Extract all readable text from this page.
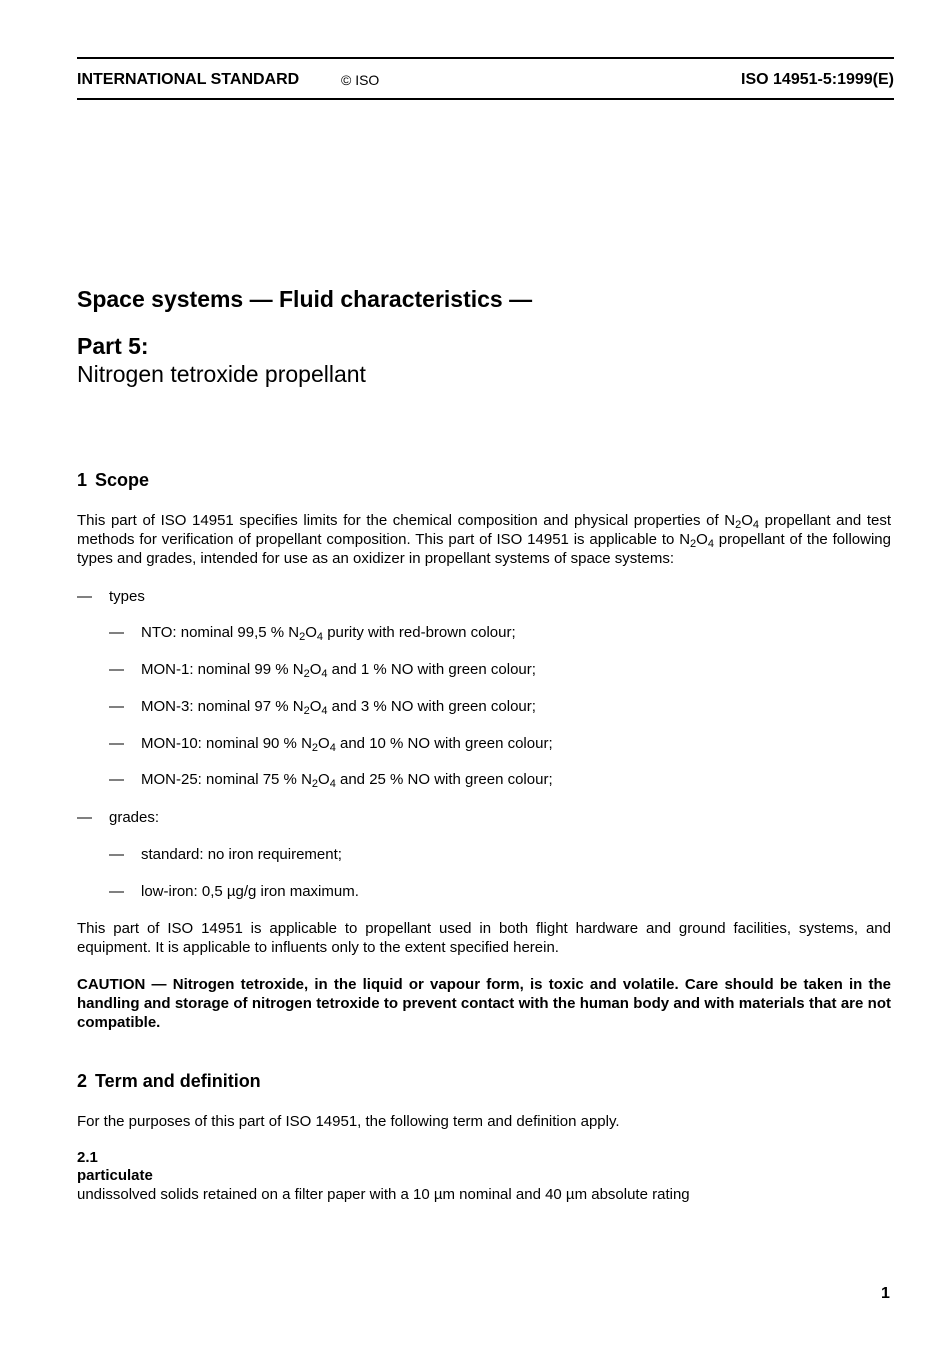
INTERNATIONAL STANDARD	© ISO	ISO 14951-5:1999(E)
Space systems — Fluid characteristics —
Part 5:
Nitrogen tetroxide propellant
1 Scope
This part of ISO 14951 specifies limits for the chemical composition and physical properties of $N_2O_4$ propellant and test methods for verification of propellant composition. This part of ISO 14951 is applicable to $N_2O_4$ propellant of the following types and grades, intended for use as an oxidizer in propellant systems of space systems:
— types
— NTO: nominal 99,5 % $N_2O_4$ purity with red-brown colour;
— MON-1: nominal 99 % $N_2O_4$ and 1 % NO with green colour;
— MON-3: nominal 97 % $N_2O_4$ and 3 % NO with green colour;
— MON-10: nominal 90 % $N_2O_4$ and 10 % NO with green colour;
— MON-25: nominal 75 % $N_2O_4$ and 25 % NO with green colour;
— grades:
— standard: no iron requirement;
— low-iron: 0,5 µg/g iron maximum.
This part of ISO 14951 is applicable to propellant used in both flight hardware and ground facilities, systems, and equipment. It is applicable to influents only to the extent specified herein.
CAUTION — Nitrogen tetroxide, in the liquid or vapour form, is toxic and volatile. Care should be taken in the handling and storage of nitrogen tetroxide to prevent contact with the human body and with materials that are not compatible.
2 Term and definition
For the purposes of this part of ISO 14951, the following term and definition apply.
2.1
particulate
undissolved solids retained on a filter paper with a 10 µm nominal and 40 µm absolute rating
1
